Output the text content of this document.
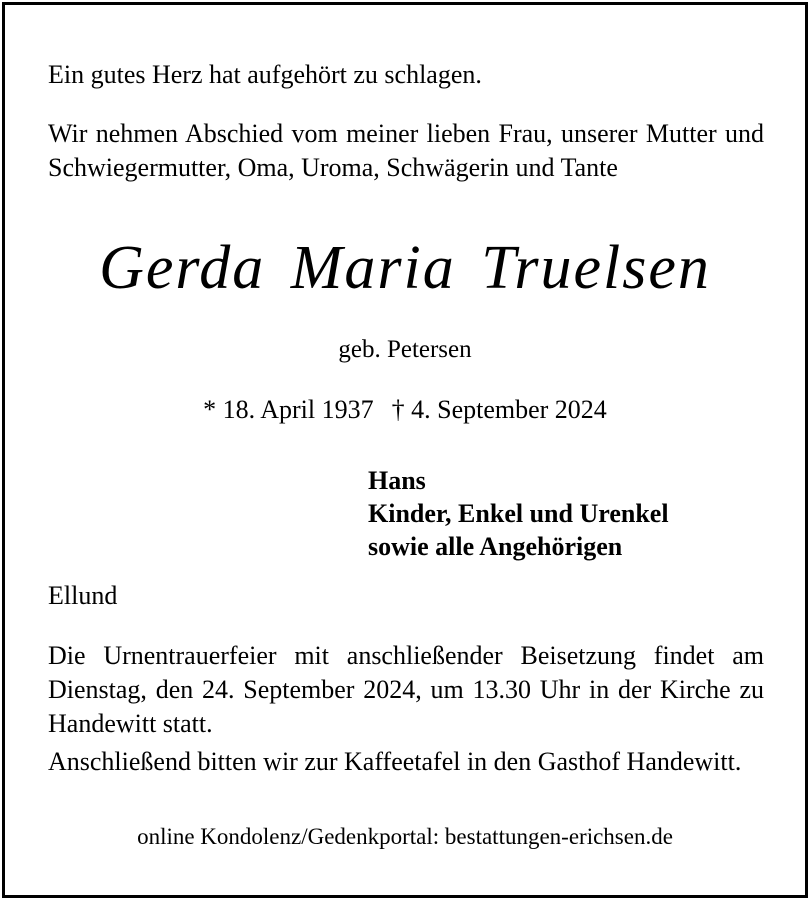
Ein gutes Herz hat aufgehört zu schlagen.

Wir nehmen Abschied vom meiner lieben Frau, unserer Mutter und Schwiegermutter, Oma, Uroma, Schwägerin und Tante

Gerda Maria Truelsen
geb. Petersen
* 18. April 1937 † 4. September 2024
Hans
Kinder, Enkel und Urenkel
sowie alle Angehörigen
Ellund

Die Urnentrauerfeier mit anschließender Beisetzung findet am Dienstag, den 24. September 2024, um 13.30 Uhr in der Kirche zu Handewitt statt.

Anschließend bitten wir zur Kaffeetafel in den Gasthof Handewitt.

online Kondolenz/Gedenkportal: bestattungen-erichsen.de
